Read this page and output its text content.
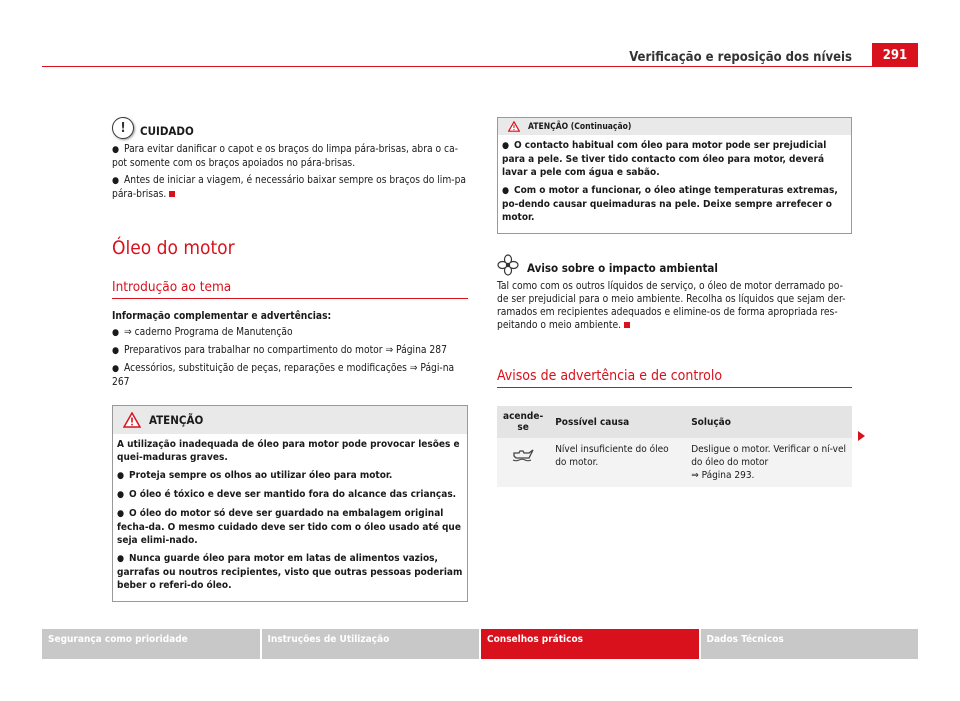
Verificação e reposição dos níveis	291
!	CUIDADO

● Para evitar danificar o capot e os braços do limpa pára-brisas, abra o ca-pot somente com os braços apoiados no pára-brisas.

● Antes de iniciar a viagem, é necessário baixar sempre os braços do lim-pa pára-brisas.

Óleo do motor
Introdução ao tema
Informação complementar e advertências:

● ⇒ caderno Programa de Manutenção

● Preparativos para trabalhar no compartimento do motor ⇒ Página 287

● Acessórios, substituição de peças, reparações e modificações ⇒ Pági-na 267

ATENÇÃO

A utilização inadequada de óleo para motor pode provocar lesões e quei-maduras graves.

● Proteja sempre os olhos ao utilizar óleo para motor.

● O óleo é tóxico e deve ser mantido fora do alcance das crianças.

● O óleo do motor só deve ser guardado na embalagem original fecha-da. O mesmo cuidado deve ser tido com o óleo usado até que seja elimi-nado.

● Nunca guarde óleo para motor em latas de alimentos vazios, garrafas ou noutros recipientes, visto que outras pessoas poderiam beber o referi-do óleo.

ATENÇÃO (Continuação)

● O contacto habitual com óleo para motor pode ser prejudicial para a pele. Se tiver tido contacto com óleo para motor, deverá lavar a pele com água e sabão.

● Com o motor a funcionar, o óleo atinge temperaturas extremas, po-dendo causar queimaduras na pele. Deixe sempre arrefecer o motor.

Aviso sobre o impacto ambiental

Tal como com os outros líquidos de serviço, o óleo de motor derramado po-de ser prejudicial para o meio ambiente. Recolha os líquidos que sejam der-ramados em recipientes adequados e elimine-os de forma apropriada res-peitando o meio ambiente.

Avisos de advertência e de controlo
acende-se	Possível causa	Solução
	Nível insuficiente do óleo do motor.	Desligue o motor. Verificar o ní-vel do óleo do motor
⇒ Página 293.
Segurança como prioridade	Instruções de Utilização	Conselhos práticos	Dados Técnicos
